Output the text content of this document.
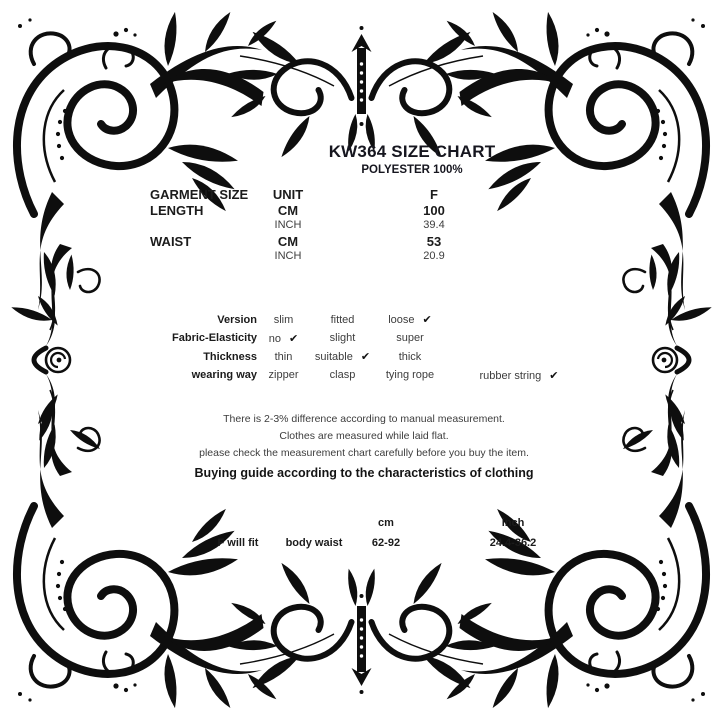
KW364 SIZE CHART
POLYESTER 100%
GARMENT SIZE	UNIT	F
LENGTH	CM	100
	INCH	39.4
WAIST	CM	53
	INCH	20.9
Version	slim	fitted	loose ✔	
Fabric-Elasticity	no ✔	slight	super	
Thickness	thin	suitable ✔	thick	
wearing way	zipper	clasp	tying rope	rubber string ✔
There is 2-3% difference according to manual measurement.
Clothes are measured while laid flat.
please check the measurement chart carefully before you buy the item.
Buying guide according to the characteristics of clothing
		cm	inch
F will fit	body waist	62-92	24.4-36.2
